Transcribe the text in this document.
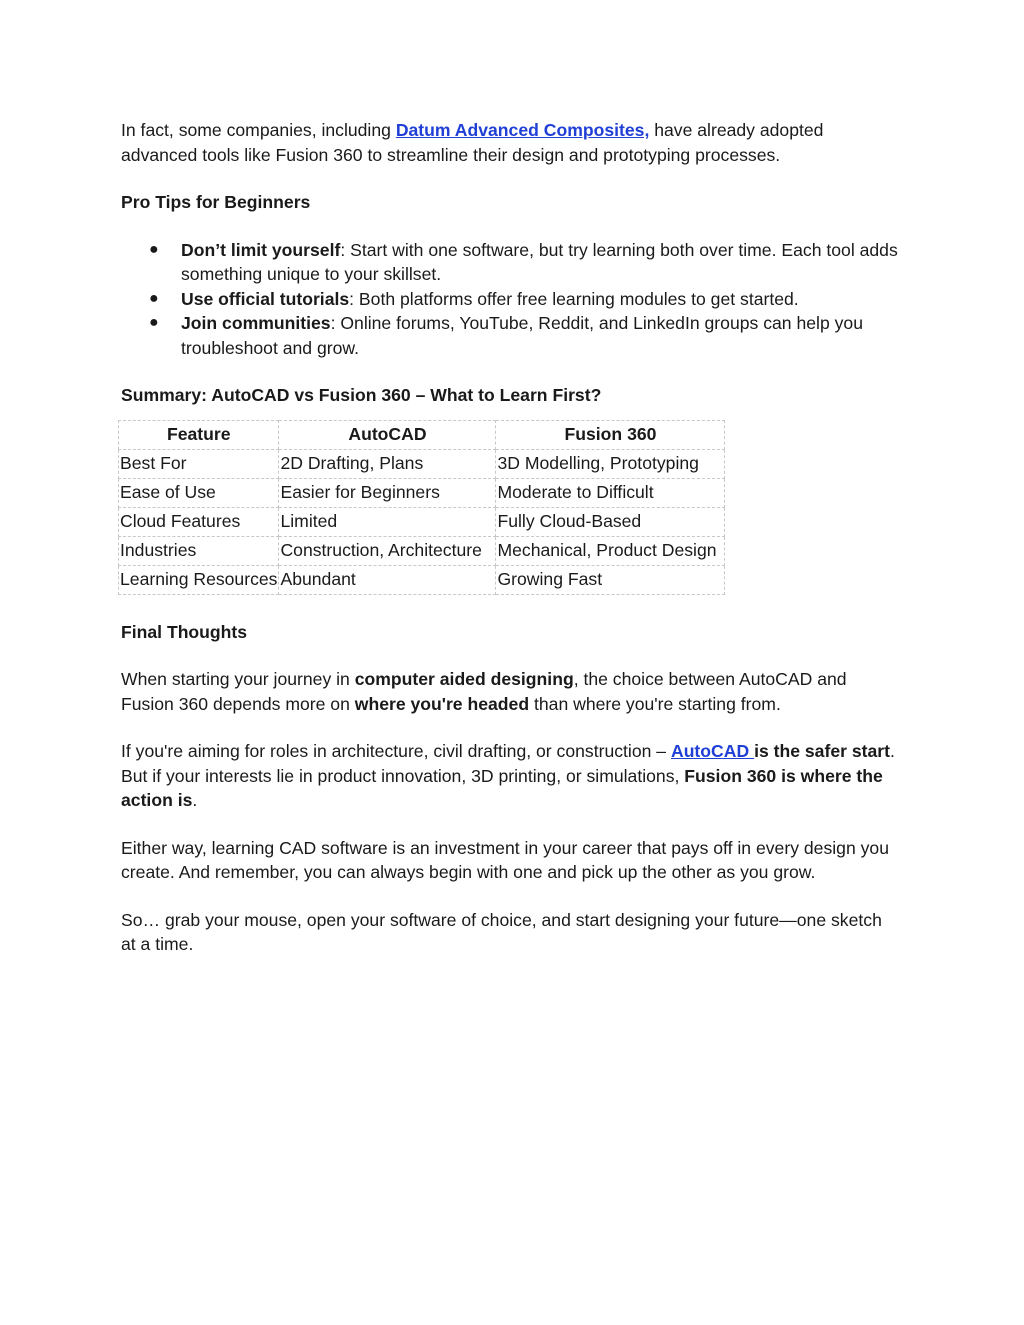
In fact, some companies, including Datum Advanced Composites, have already adopted advanced tools like Fusion 360 to streamline their design and prototyping processes.

Pro Tips for Beginners
● Don’t limit yourself: Start with one software, but try learning both over time. Each tool adds something unique to your skillset.
● Use official tutorials: Both platforms offer free learning modules to get started.
● Join communities: Online forums, YouTube, Reddit, and LinkedIn groups can help you troubleshoot and grow.
Summary: AutoCAD vs Fusion 360 – What to Learn First?
Feature	AutoCAD	Fusion 360
Best For	2D Drafting, Plans	3D Modelling, Prototyping
Ease of Use	Easier for Beginners	Moderate to Difficult
Cloud Features	Limited	Fully Cloud-Based
Industries	Construction, Architecture	Mechanical, Product Design
Learning Resources	Abundant	Growing Fast
Final Thoughts

When starting your journey in computer aided designing, the choice between AutoCAD and Fusion 360 depends more on where you're headed than where you're starting from.

If you're aiming for roles in architecture, civil drafting, or construction – AutoCAD is the safer start. But if your interests lie in product innovation, 3D printing, or simulations, Fusion 360 is where the action is.

Either way, learning CAD software is an investment in your career that pays off in every design you create. And remember, you can always begin with one and pick up the other as you grow.

So… grab your mouse, open your software of choice, and start designing your future—one sketch at a time.
